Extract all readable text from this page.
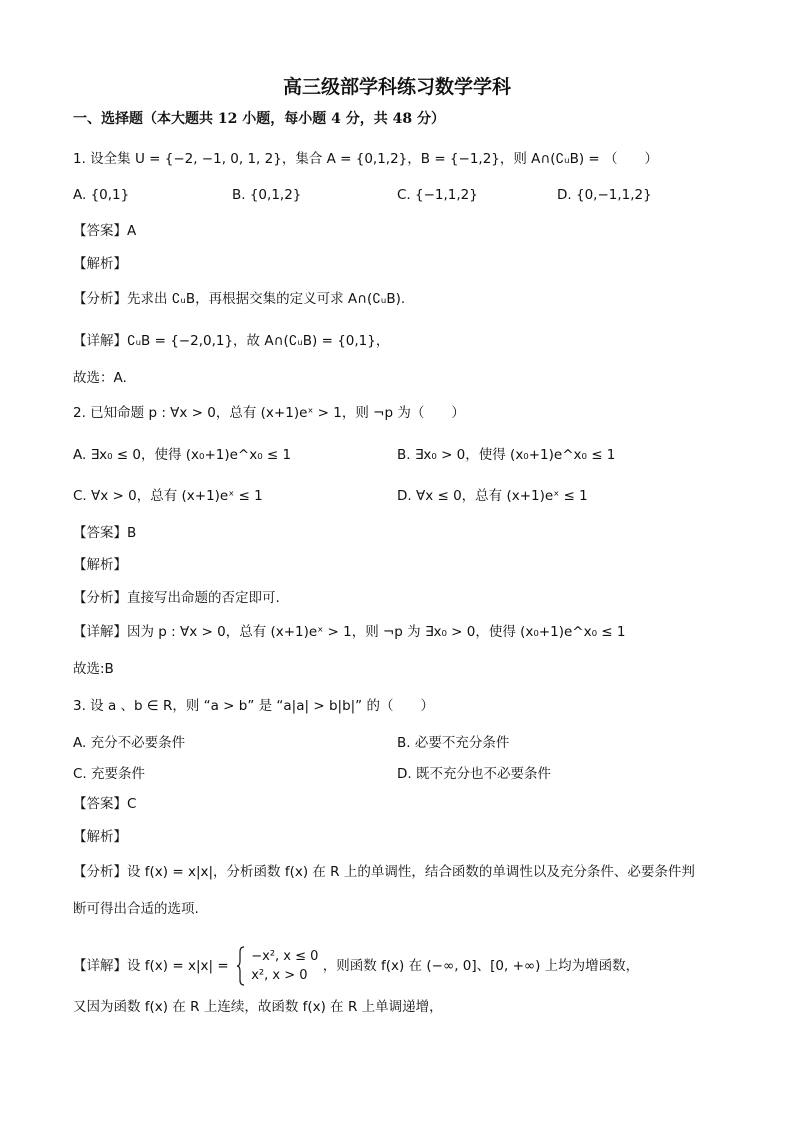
高三级部学科练习数学学科
一、选择题（本大题共 12 小题，每小题 4 分，共 48 分）
1. 设全集 U = {−2, −1, 0, 1, 2}，集合 A = {0,1,2}，B = {−1,2}，则 A∩(∁ᵤB) = （　　）
A. {0,1}	B. {0,1,2}	C. {−1,1,2}	D. {0,−1,1,2}
【答案】A
【解析】
【分析】先求出 ∁ᵤB，再根据交集的定义可求 A∩(∁ᵤB).
【详解】∁ᵤB = {−2,0,1}，故 A∩(∁ᵤB) = {0,1}，
故选：A.
2. 已知命题 p : ∀x > 0，总有 (x+1)eˣ > 1，则 ¬p 为（　　）
A. ∃x₀ ≤ 0，使得 (x₀+1)e^x₀ ≤ 1	B. ∃x₀ > 0，使得 (x₀+1)e^x₀ ≤ 1
C. ∀x > 0，总有 (x+1)eˣ ≤ 1	D. ∀x ≤ 0，总有 (x+1)eˣ ≤ 1
【答案】B
【解析】
【分析】直接写出命题的否定即可.
【详解】因为 p : ∀x > 0，总有 (x+1)eˣ > 1，则 ¬p 为 ∃x₀ > 0，使得 (x₀+1)e^x₀ ≤ 1
故选:B
3. 设 a 、b ∈ R，则 “a > b” 是 “a|a| > b|b|” 的（　　）
A. 充分不必要条件	B. 必要不充分条件
C. 充要条件	D. 既不充分也不必要条件
【答案】C
【解析】
【分析】设 f(x) = x|x|，分析函数 f(x) 在 R 上的单调性，结合函数的单调性以及充分条件、必要条件判
断可得出合适的选项.
【详解】设 f(x) = x|x| =

−x², x ≤ 0
x², x > 0
，则函数 f(x) 在 (−∞, 0]、[0, +∞) 上均为增函数，
又因为函数 f(x) 在 R 上连续，故函数 f(x) 在 R 上单调递增，
